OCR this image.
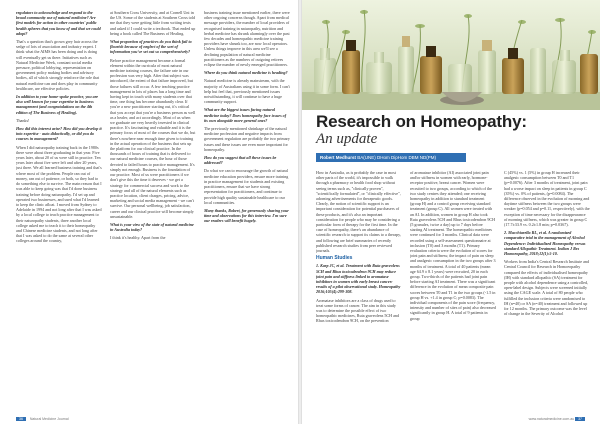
regulators to acknowledge and respond to the broad community use of natural medicine? Are first models for action in other countries' public health spheres that you know of and that we could adopt?

That's a question that's grown grey hair across the sedge of lots of association and industry expert. I think what the AIMS has been doing and is doing will eventually get us there. Initiatives such as Natural Medicine Week, constant social media pressure, political lobbying, representation on government policy making bodies and advisory bodies, all of which strongly reinforce the role that natural medicine can and does play in community healthcare, are effective policies.

In addition to your home-spoke practice, you are also well known for your expertise in business management (and congratulations on the 4th edition of The Business of Healing).

Thanks!

How did this interest arise? How did you develop it into expertise - auto didactically, or did you do courses in management?

When I did naturopathy training back in the 1980s there were about three graduating in that year. Five years later, about 20 of us were still in practice. Ten years later about five were left and after 20 years, just three. We all learned business training and that's where most of the problem. People ran out of money, ran out of patience, or both, so they had to do something else to survive. The main reason that I was able to keep going was that I'd done business training before doing naturopathy. I'd set up and operated two businesses, and used what I'd learned to keep the clinic afloat. I moved from Sydney to Adelaide in 1994 and not long after that I was asked by a local college to teach practice management to their naturopathy students, three another local college asked me to teach it to their homeopathy and Chinese medicine students, and not long after that I was asked to do the same at several other colleges around the country,

at Southern Cross University, and at Cornell Uni in the US. Some of the students at Southern Cross told me that they were getting little from writing texts and asked if I could write a textbook. That ended up being a book called The Business of Healing.

What proportion of practices do you think fail to flourish because of neglect of the sort of information you've set out so comprehensively?

Before practice management became a formal element within the curricula of most natural medicine training courses, the failure rate in our profession was very high. After that subject was introduced, the extent of that failure improved, but those failures still occur. A few teaching practice management in lots of places has a long time and having kept in touch with many students over that time, one thing has become abundantly clear. If you're a new practitioner starting out, it's critical that you accept that you're a business person as well as a healer, and act accordingly. Most of us when we graduate are very heavily invested in clinical practice. It's fascinating and valuable and it is the primary focus of most of the courses that we do, but there's nowhere near enough time given to training in the actual operation of the business that sets up the platform for our clinical practice. In the thousands of hours of training that is delivered to our natural medicine courses, the hour of those devoted to failed hours to practice management. It's simply not enough. Business is the foundation of our practice. Most of us were practitioners if we don't give this the time it deserves - we get a strategy for commercial success and work to the strategy and all of the natural elements such as practice location, client charges, pricing, advice, marketing and social media management - we can't survive. Our personal wellbeing, job satisfaction, career and our clinical practice will become simply unsustainable.

What is your view of the state of natural medicine in Australia today?

I think it's healthy. Apart from the

business training issue mentioned earlier, there were other ongoing concerns though. Apart from medical message providers, the number of local providers of recognised training in naturopathy, nutrition and herbal medicine has shrunk alarmingly over the past few decades and homeopathic medicine training providers have shrunk too, are now local operators. Unless things improve in this area we'll see a declining population of natural medicine practitioners as the numbers of outgoing retirees eclipse the number of newly emerged practitioners.

Where do you think natural medicine is heading?

Natural medicine is already mainstream, with the majority of Australians using it in some form. I can't help but feel that, previously mentioned issues notwithstanding, it will continue to have a huge community support.

What are the biggest issues facing natural medicine today? Does homeopathy face issues of its own alongside more general ones?

The previously mentioned shrinkage of the natural medicine profession and negative impacts from government regulation are probably the two primary issues and these issues are even more important for homeopathy.

How do you suggest that all these issues be addressed?

Do what we can to encourage the growth of natural medicine education providers, ensure more training in practice management for students and existing practitioners, ensure that we have strong representation for practitioners, and continue to provide high quality sustainable healthcare to our local communities.

Many thanks, Robert, for generously sharing your time and observations for this interview. I'm sure our readers will benefit hugely.

36 Natural Medicine Journal
Research on Homeopathy:
An update
Robert Medhurst BA(UNE) DHom DipHom DBM ND(PM)

How in Australia, as is probably the case in most other parts of the world, it's impossible to walk through a pharmacy or health food shop without seeing terms such as, "clinically proven", "scientifically formulated", or "clinically effective", adorning advertisements for therapeutic goods. Clearly, the notion of scientific support is an important consideration for potential purchasers of these products, and it's also an important consideration for people who may be considering a particular form of therapy for the first time. In the case of homeopathy, there's an abundance of scientific research to support its claims to a therapy, and following are brief summaries of recently published research studies from peer reviewed journals.

Human Studies

1. Karp JC, et al. Treatment with Ruta graveolens 5CH and Rhus toxicodendron 9CH may reduce joint pain and stiffness linked to aromatase inhibitors in women with early breast cancer: results of a pilot observational study. Homeopathy 2016;105(4):299-308.

Aromatase inhibitors are a class of drugs used to treat some forms of cancer. The aim in this study was to determine the possible effect of two homeopathic medicines, Ruta graveolens 5CH and Rhus toxicodendron 9CH, on the prevention

of aromatase inhibitor (AI) associated joint pain and/or stiffness in women with early, hormone-receptor positive, breast cancer. Women were recruited to two groups, according to which of the two study centres they attended; one receiving homeopathy in addition to standard treatment (group H) and a control group receiving standard treatment (group C). All women were treated with an AI. In addition, women in group H also took Ruta graveolens 5CH and Rhus toxicodendron 9CH (5 granules, twice a day) up to 7 days before starting AI treatment. The homeopathic medicines were continued for 3 months. Clinical data were recorded using a self-assessment questionnaire at inclusion (T0) and 3 months (T1). Primary evaluation criteria were the evolution of scores for joint pain and stiffness; the impact of pain on sleep and analgesic consumption in the two groups after 3 months of treatment. A total of 40 patients (mean age 64.9 ± 8.1 years) were recruited, 20 in each group. Two-thirds of the patients had joint pain before starting AI treatment. There was a significant difference in the evolution of mean composite pain scores between T0 and T1 in the two groups (-1.5 in group H vs. +1.4 in group C; p=0.0083). The individual components of the pain score (frequency, intensity and number of sites of pain) also decreased significantly in group H. A total of 9 patients in group

C (45%) vs. 1 (5%) in group H increased their analgesic consumption between T0 and T1 (p=0.0076). After 3 months of treatment, joint pain had a worse impact on sleep in patients in group C (35%) vs. 0% of patients, (p=0.0084). The difference observed in the evolution of morning and daytime stiffness between the two groups were weaker (p=0.054 and p=0.11, respectively), with the exception of time necessary for the disappearance of morning stiffness, which was greater in group C (17.7±33.9 vs. 0.2±1.8 min; p=0.0367).

2. Macchiarella RL, et al. A randomized comparative trial in the management of Alcohol Dependence: Individualized Homeopathy versus standard Allopathic Treatment. Indian J Res Homoeopathy, 2018;12(1):5-10.

Workers from India's Central Research Institute and Central Council for Research in Homoeopathy compared the effects of individualised homeopathy (IH) with standard allopathic (SA) treatment for people with alcohol dependence using a controlled, open-label design. Subjects were screened initially using the CAGE scale. A total of 80 people who fulfilled the inclusion criteria were randomised to IH (n=40) or SA (n=40) treatment and followed up for 12 months. The primary outcome was the level of change in the Severity of Alcohol

www.naturalmedicine.com.au 37
